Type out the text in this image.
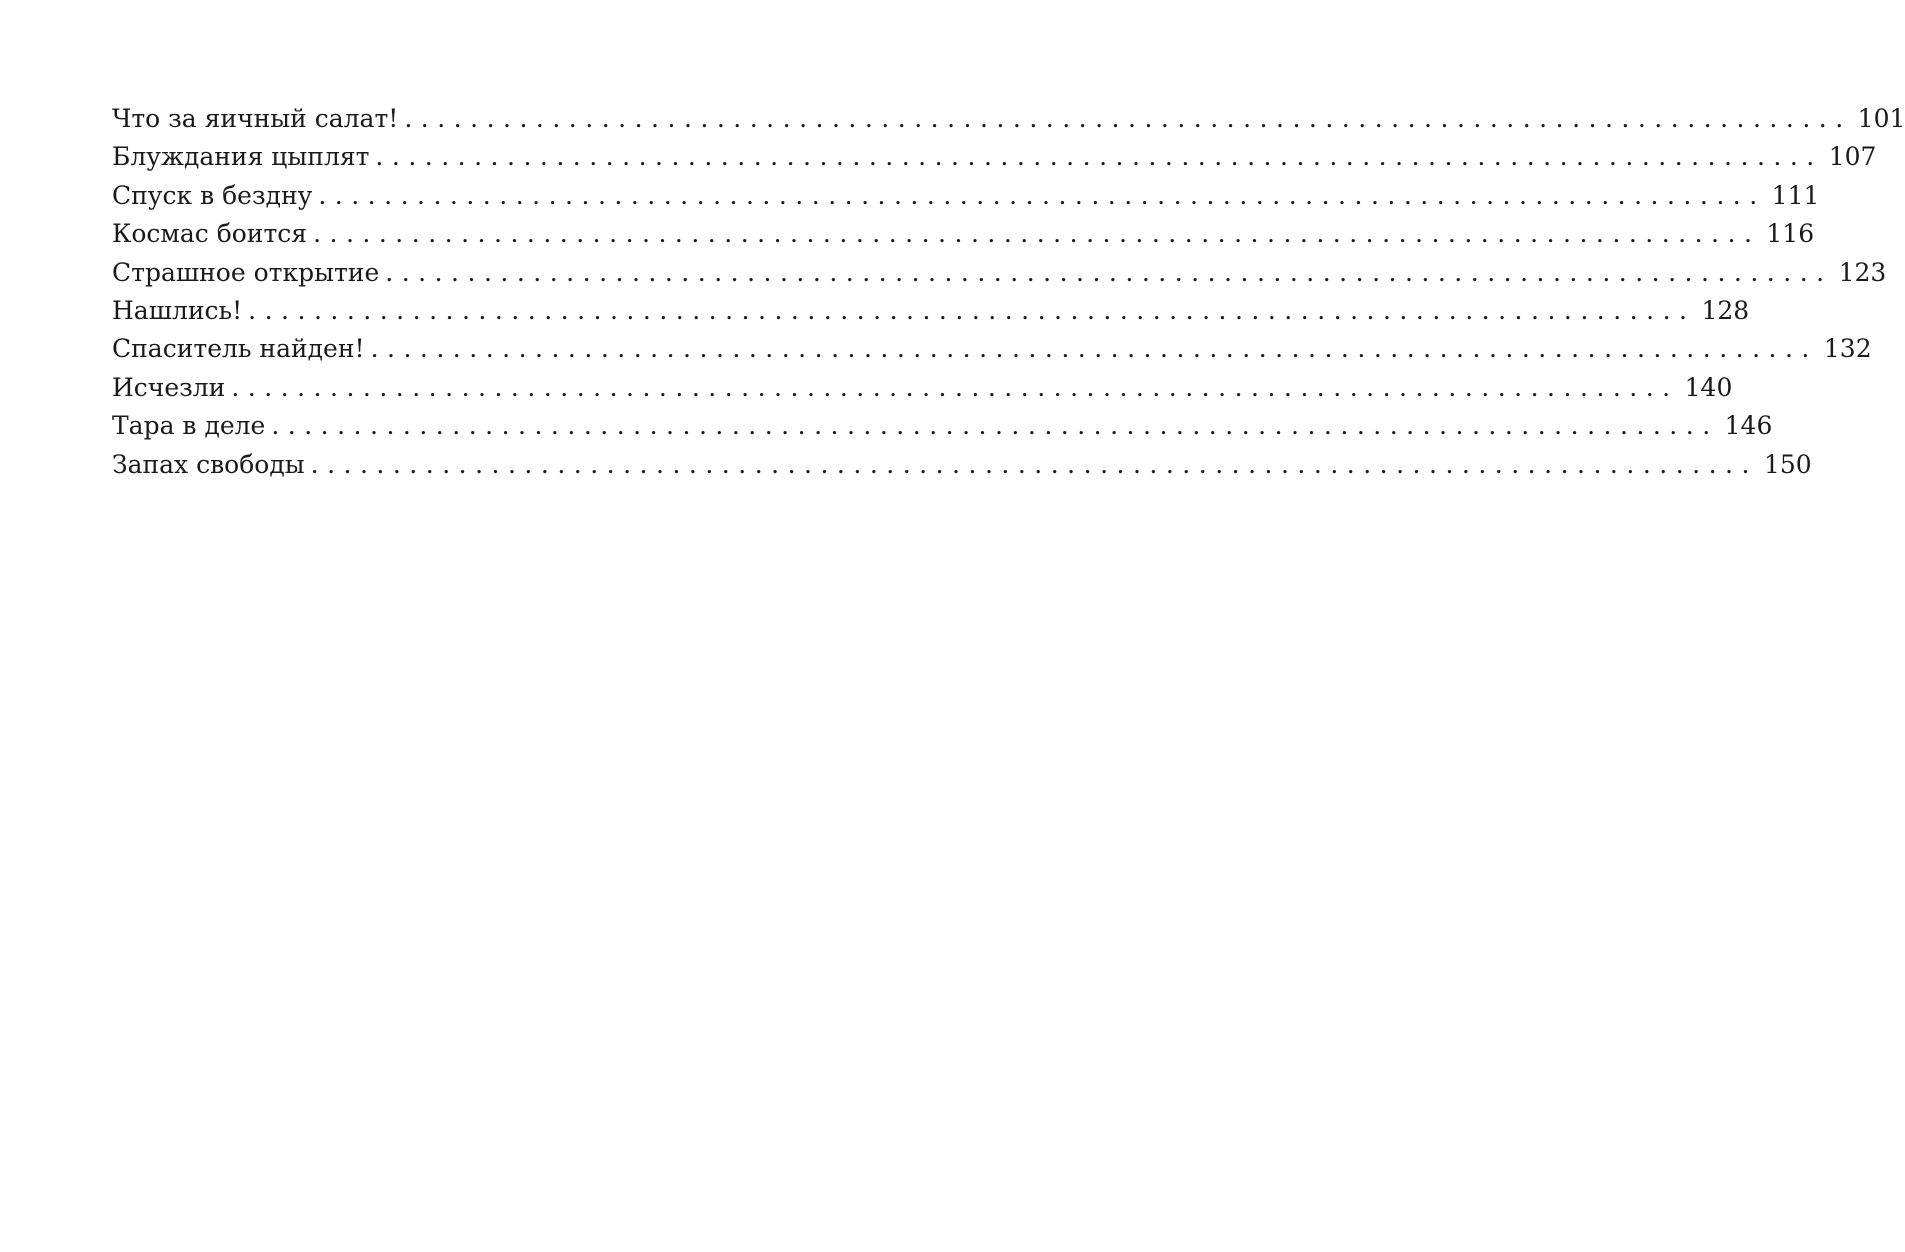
Что за яичный салат! ........................................................................................ 101
Блуждания цыплят ........................................................................................ 107
Спуск в бездну ........................................................................................ 111
Космас боится ........................................................................................ 116
Страшное открытие ........................................................................................ 123
Нашлись! ........................................................................................ 128
Спаситель найден! ........................................................................................ 132
Исчезли ........................................................................................ 140
Тара в деле ........................................................................................ 146
Запах свободы ........................................................................................ 150
